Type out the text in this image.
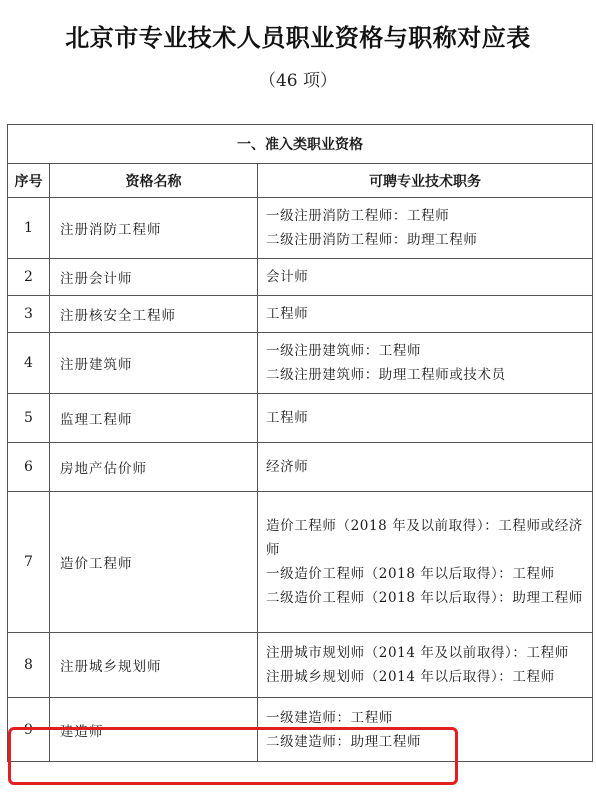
北京市专业技术人员职业资格与职称对应表
（46 项）
一、准入类职业资格		
序号	资格名称	可聘专业技术职务
1	注册消防工程师	一级注册消防工程师：工程师
二级注册消防工程师：助理工程师

2	注册会计师	会计师

3	注册核安全工程师	工程师

4	注册建筑师	一级注册建筑师：工程师
二级注册建筑师：助理工程师或技术员

5	监理工程师	工程师

6	房地产估价师	经济师

7	造价工程师	造价工程师（2018 年及以前取得）：工程师或经济师
一级造价工程师（2018 年以后取得）：工程师
二级造价工程师（2018 年以后取得）：助理工程师

8	注册城乡规划师	注册城市规划师（2014 年及以前取得）：工程师
注册城乡规划师（2014 年以后取得）：工程师

9	建造师	一级建造师：工程师
二级建造师：助理工程师
